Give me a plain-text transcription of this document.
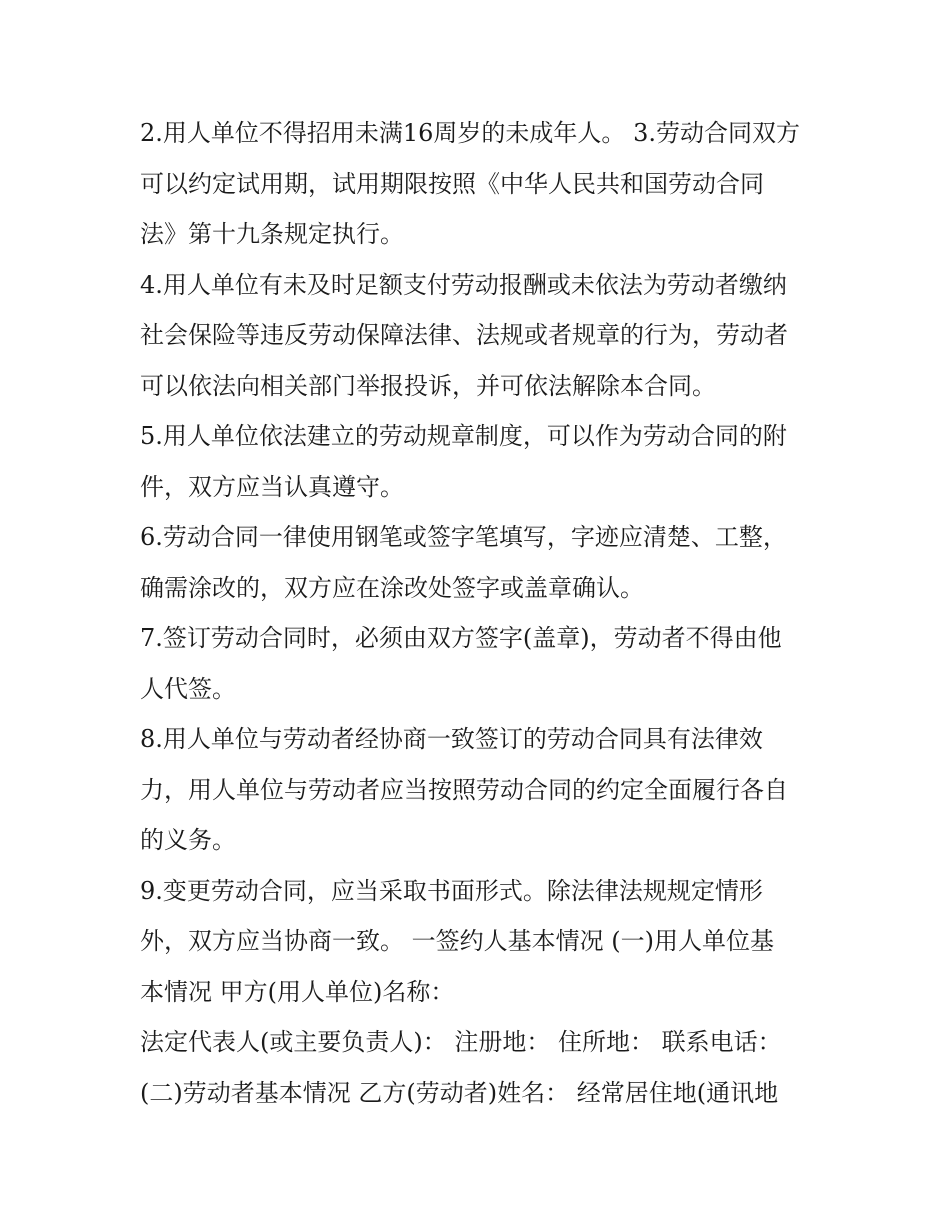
2.用人单位不得招用未满16周岁的未成年人。 3.劳动合同双方
可以约定试用期，试用期限按照《中华人民共和国劳动合同
法》第十九条规定执行。
4.用人单位有未及时足额支付劳动报酬或未依法为劳动者缴纳
社会保险等违反劳动保障法律、法规或者规章的行为，劳动者
可以依法向相关部门举报投诉，并可依法解除本合同。
5.用人单位依法建立的劳动规章制度，可以作为劳动合同的附
件，双方应当认真遵守。
6.劳动合同一律使用钢笔或签字笔填写，字迹应清楚、工整，
确需涂改的，双方应在涂改处签字或盖章确认。
7.签订劳动合同时，必须由双方签字(盖章)，劳动者不得由他
人代签。
8.用人单位与劳动者经协商一致签订的劳动合同具有法律效
力，用人单位与劳动者应当按照劳动合同的约定全面履行各自
的义务。
9.变更劳动合同，应当采取书面形式。除法律法规规定情形
外，双方应当协商一致。 一签约人基本情况 (一)用人单位基
本情况 甲方(用人单位)名称：
法定代表人(或主要负责人)： 注册地： 住所地： 联系电话：
(二)劳动者基本情况 乙方(劳动者)姓名： 经常居住地(通讯地
